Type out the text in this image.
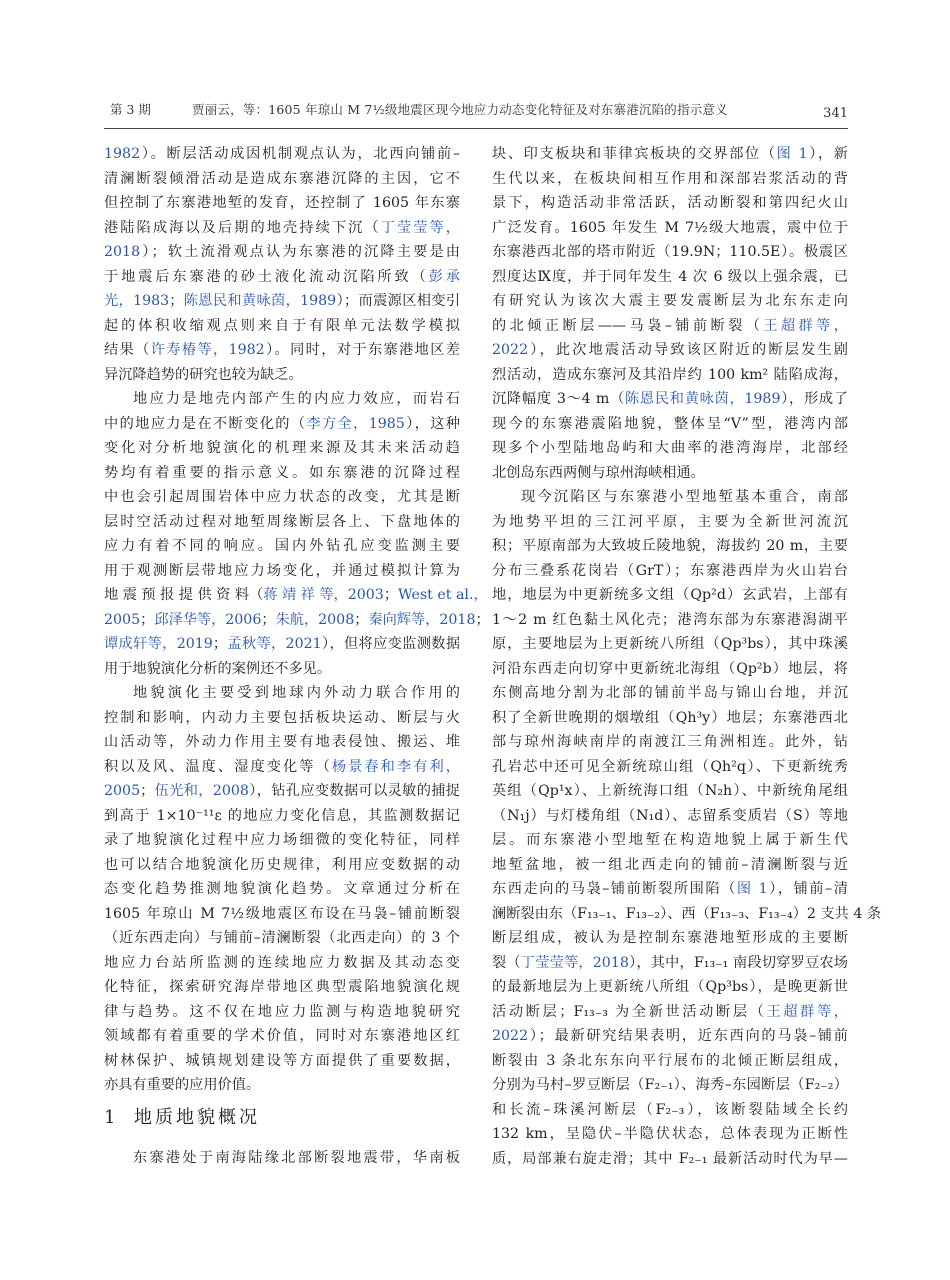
第 3 期	贾丽云，等：1605 年琼山 M 7½级地震区现今地应力动态变化特征及对东寨港沉陷的指示意义	341
1982）。断层活动成因机制观点认为，北西向铺前–
清澜断裂倾滑活动是造成东寨港沉降的主因，它不
但控制了东寨港地堑的发育，还控制了 1605 年东寨
港陆陷成海以及后期的地壳持续下沉（丁莹莹等，
2018）；软土流滑观点认为东寨港的沉降主要是由
于地震后东寨港的砂土液化流动沉陷所致（彭承
光，1983；陈恩民和黄咏茵，1989）；而震源区相变引
起的体积收缩观点则来自于有限单元法数学模拟
结果（许寿椿等，1982）。同时，对于东寨港地区差
异沉降趋势的研究也较为缺乏。
地应力是地壳内部产生的内应力效应，而岩石
中的地应力是在不断变化的（李方全，1985），这种
变化对分析地貌演化的机理来源及其未来活动趋
势均有着重要的指示意义。如东寨港的沉降过程
中也会引起周围岩体中应力状态的改变，尤其是断
层时空活动过程对地堑周缘断层各上、下盘地体的
应力有着不同的响应。国内外钻孔应变监测主要
用于观测断层带地应力场变化，并通过模拟计算为
地 震 预 报 提 供 资 料（蒋 靖 祥 等，2003；West et al.，
2005；邱泽华等，2006；朱航，2008；秦向辉等，2018；
谭成轩等，2019；孟秋等，2021），但将应变监测数据
用于地貌演化分析的案例还不多见。
地貌演化主要受到地球内外动力联合作用的
控制和影响，内动力主要包括板块运动、断层与火
山活动等，外动力作用主要有地表侵蚀、搬运、堆
积以及风、温度、湿度变化等（杨景春和李有利，
2005；伍光和，2008），钻孔应变数据可以灵敏的捕捉
到高于 1×10⁻¹¹ε 的地应力变化信息，其监测数据记
录了地貌演化过程中应力场细微的变化特征，同样
也可以结合地貌演化历史规律，利用应变数据的动
态变化趋势推测地貌演化趋势。文章通过分析在
1605 年琼山 M 7½级地震区布设在马袅–铺前断裂
（近东西走向）与铺前–清澜断裂（北西走向）的 3 个
地应力台站所监测的连续地应力数据及其动态变
化特征，探索研究海岸带地区典型震陷地貌演化规
律与趋势。这不仅在地应力监测与构造地貌研究
领域都有着重要的学术价值，同时对东寨港地区红
树林保护、城镇规划建设等方面提供了重要数据，
亦具有重要的应用价值。
1 地质地貌概况
东寨港处于南海陆缘北部断裂地震带，华南板
块、印支板块和菲律宾板块的交界部位（图 1），新
生代以来，在板块间相互作用和深部岩浆活动的背
景下，构造活动非常活跃，活动断裂和第四纪火山
广泛发育。1605 年发生 M 7½级大地震，震中位于
东寨港西北部的塔市附近（19.9N；110.5E）。极震区
烈度达Ⅸ度，并于同年发生 4 次 6 级以上强余震，已
有研究认为该次大震主要发震断层为北东东走向
的北倾正断层——马袅–铺前断裂（王超群等，
2022），此次地震活动导致该区附近的断层发生剧
烈活动，造成东寨河及其沿岸约 100 km² 陆陷成海，
沉降幅度 3～4 m（陈恩民和黄咏茵，1989），形成了
现今的东寨港震陷地貌，整体呈“V”型，港湾内部
现多个小型陆地岛屿和大曲率的港湾海岸，北部经
北创岛东西两侧与琼州海峡相通。
现今沉陷区与东寨港小型地堑基本重合，南部
为地势平坦的三江河平原，主要为全新世河流沉
积；平原南部为大致坡丘陵地貌，海拔约 20 m，主要
分布三叠系花岗岩（GrT）；东寨港西岸为火山岩台
地，地层为中更新统多文组（Qp²d）玄武岩，上部有
1～2 m 红色黏土风化壳；港湾东部为东寨港潟湖平
原，主要地层为上更新统八所组（Qp³bs），其中珠溪
河沿东西走向切穿中更新统北海组（Qp²b）地层，将
东侧高地分割为北部的铺前半岛与锦山台地，并沉
积了全新世晚期的烟墩组（Qh³y）地层；东寨港西北
部与琼州海峡南岸的南渡江三角洲相连。此外，钻
孔岩芯中还可见全新统琼山组（Qh²q）、下更新统秀
英组（Qp¹x）、上新统海口组（N₂h）、中新统角尾组
（N₁j）与灯楼角组（N₁d）、志留系变质岩（S）等地
层。而东寨港小型地堑在构造地貌上属于新生代
地堑盆地，被一组北西走向的铺前–清澜断裂与近
东西走向的马袅–铺前断裂所围陷（图 1），铺前–清
澜断裂由东（F₁₃₋₁、F₁₃₋₂）、西（F₁₃₋₃、F₁₃₋₄）2 支共 4 条
断层组成，被认为是控制东寨港地堑形成的主要断
裂（丁莹莹等，2018），其中，F₁₃₋₁ 南段切穿罗豆农场
的最新地层为上更新统八所组（Qp³bs），是晚更新世
活动断层；F₁₃₋₃ 为全新世活动断层（王超群等，
2022）；最新研究结果表明，近东西向的马袅–铺前
断裂由 3 条北东东向平行展布的北倾正断层组成，
分别为马村–罗豆断层（F₂₋₁）、海秀–东园断层（F₂₋₂）
和长流–珠溪河断层（F₂₋₃），该断裂陆域全长约
132 km，呈隐伏–半隐伏状态，总体表现为正断性
质，局部兼右旋走滑；其中 F₂₋₁ 最新活动时代为早—
